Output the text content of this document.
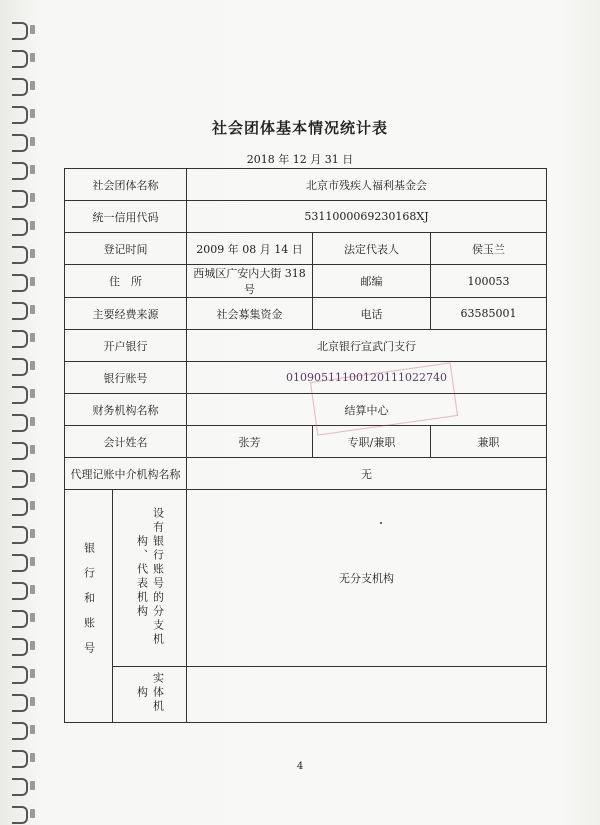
社会团体基本情况统计表
2018 年 12 月 31 日
社会团体名称		北京市残疾人福利基金会		
统一信用代码		5311000069230168XJ		
登记时间		2009 年 08 月 14 日	法定代表人	侯玉兰
住　所		西城区广安内大街 318 号	邮编	100053
主要经费来源		社会募集资金	电话	63585001
开户银行		北京银行宣武门支行		
银行账号		01090511100120111022740		
财务机构名称		结算中心		
会计姓名		张芳	专职/兼职	兼职
代理记账中介机构名称		无		
银行和账号	设有银行账号的分支机构、代表机构	无分支机构		
	实体机构			
4
